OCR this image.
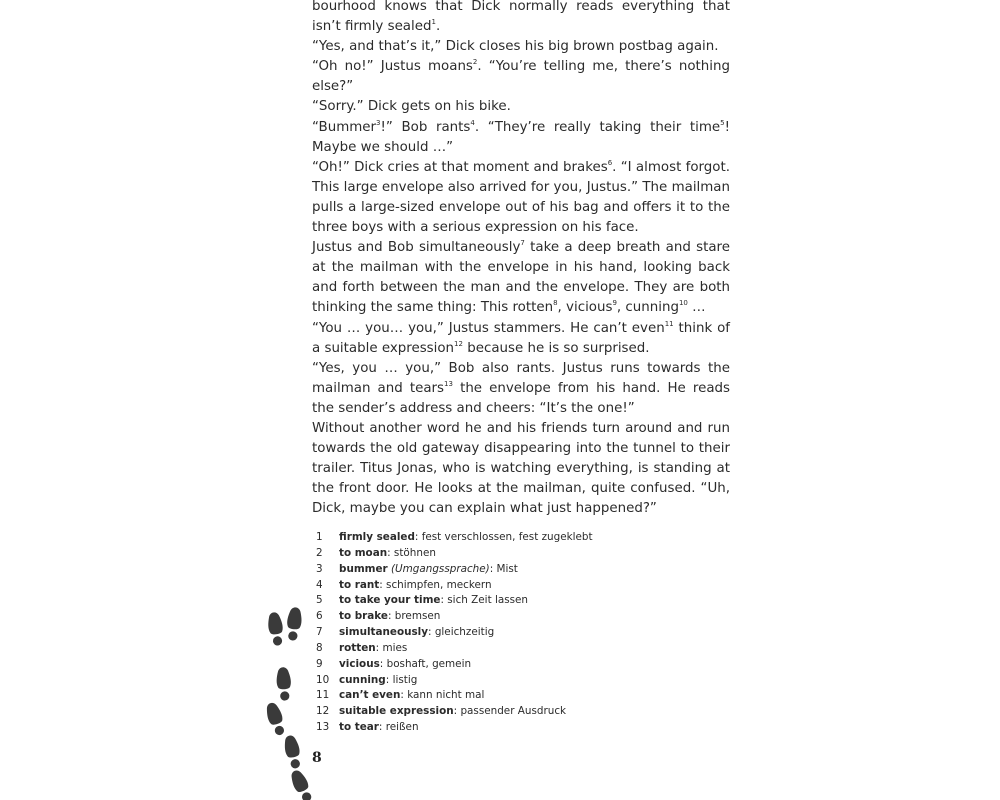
bourhood knows that Dick normally reads everything that isn’t firmly sealed$^1$.

“Yes, and that’s it,” Dick closes his big brown postbag again.

“Oh no!” Justus moans$^2$. “You’re telling me, there’s nothing else?”

“Sorry.” Dick gets on his bike.

“Bummer$^3$!” Bob rants$^4$. “They’re really taking their time$^5$! Maybe we should …”

“Oh!” Dick cries at that moment and brakes$^6$. “I almost forgot. This large envelope also arrived for you, Justus.” The mailman pulls a large-sized envelope out of his bag and offers it to the three boys with a serious expression on his face.

Justus and Bob simultaneously$^7$ take a deep breath and stare at the mailman with the envelope in his hand, looking back and forth between the man and the envelope. They are both thinking the same thing: This rotten$^8$, vicious$^9$, cunning$^{10}$ …

“You … you… you,” Justus stammers. He can’t even$^{11}$ think of a suitable expression$^{12}$ because he is so surprised.

“Yes, you … you,” Bob also rants. Justus runs towards the mailman and tears$^{13}$ the envelope from his hand. He reads the sender’s address and cheers: “It’s the one!”

Without another word he and his friends turn around and run towards the old gateway disappearing into the tunnel to their trailer. Titus Jonas, who is watching everything, is standing at the front door. He looks at the mailman, quite confused. “Uh, Dick, maybe you can explain what just happened?”

1	firmly sealed: fest verschlossen, fest zugeklebt
2	to moan: stöhnen
3	bummer (Umgangssprache): Mist
4	to rant: schimpfen, meckern
5	to take your time: sich Zeit lassen
6	to brake: bremsen
7	simultaneously: gleichzeitig
8	rotten: mies
9	vicious: boshaft, gemein
10 cunning: listig
11 can’t even: kann nicht mal
12 suitable expression: passender Ausdruck
13 to tear: reißen
8
